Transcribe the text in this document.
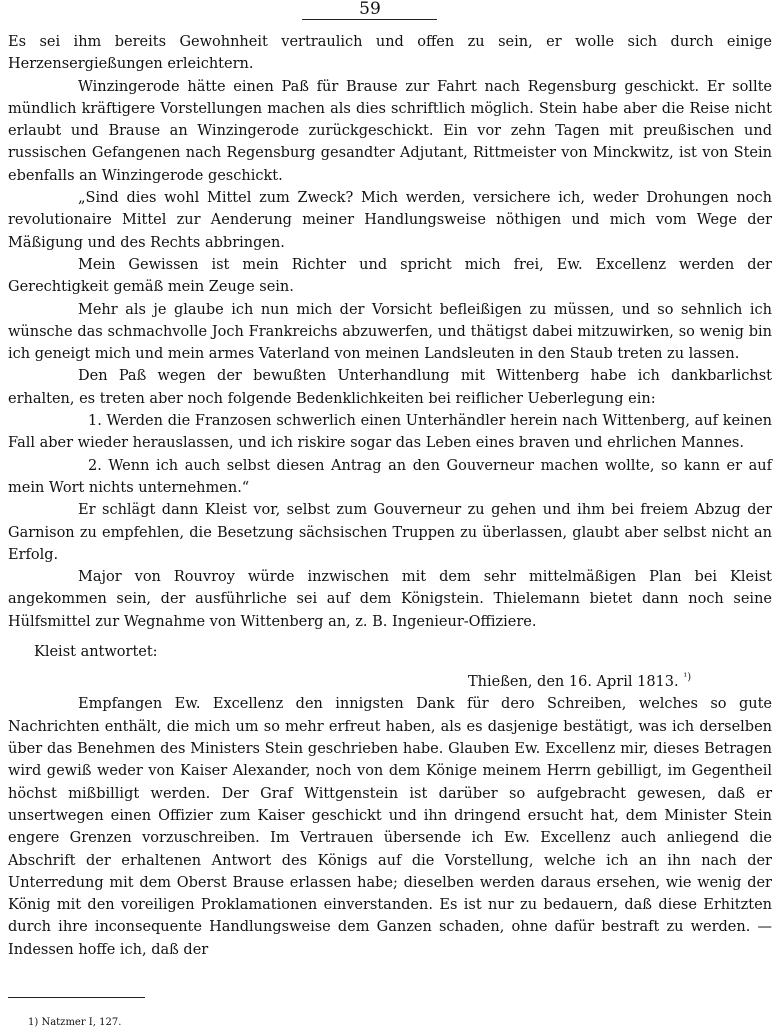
59

Es sei ihm bereits Gewohnheit vertraulich und offen zu sein, er wolle sich durch einige Herzensergießungen erleichtern.

Winzingerode hätte einen Paß für Brause zur Fahrt nach Regensburg geschickt. Er sollte mündlich kräftigere Vorstellungen machen als dies schriftlich möglich. Stein habe aber die Reise nicht erlaubt und Brause an Winzingerode zurückgeschickt. Ein vor zehn Tagen mit preußischen und russischen Gefangenen nach Regensburg gesandter Adjutant, Rittmeister von Minckwitz, ist von Stein ebenfalls an Winzingerode geschickt.

„Sind dies wohl Mittel zum Zweck? Mich werden, versichere ich, weder Drohungen noch revolutionaire Mittel zur Aenderung meiner Handlungsweise nöthigen und mich vom Wege der Mäßigung und des Rechts abbringen.

Mein Gewissen ist mein Richter und spricht mich frei, Ew. Excellenz werden der Gerechtigkeit gemäß mein Zeuge sein.

Mehr als je glaube ich nun mich der Vorsicht befleißigen zu müssen, und so sehnlich ich wünsche das schmachvolle Joch Frankreichs abzuwerfen, und thätigst dabei mitzuwirken, so wenig bin ich geneigt mich und mein armes Vaterland von meinen Landsleuten in den Staub treten zu lassen.

Den Paß wegen der bewußten Unterhandlung mit Wittenberg habe ich dankbarlichst erhalten, es treten aber noch folgende Bedenklichkeiten bei reiflicher Ueberlegung ein:

1. Werden die Franzosen schwerlich einen Unterhändler herein nach Wittenberg, auf keinen Fall aber wieder herauslassen, und ich riskire sogar das Leben eines braven und ehrlichen Mannes.

2. Wenn ich auch selbst diesen Antrag an den Gouverneur machen wollte, so kann er auf mein Wort nichts unternehmen.“

Er schlägt dann Kleist vor, selbst zum Gouverneur zu gehen und ihm bei freiem Abzug der Garnison zu empfehlen, die Besetzung sächsischen Truppen zu überlassen, glaubt aber selbst nicht an Erfolg.

Major von Rouvroy würde inzwischen mit dem sehr mittelmäßigen Plan bei Kleist angekommen sein, der ausführliche sei auf dem Königstein. Thielemann bietet dann noch seine Hülfsmittel zur Wegnahme von Wittenberg an, z. B. Ingenieur-Offiziere.

Kleist antwortet:

Thießen, den 16. April 1813. $^{^1)}$

Empfangen Ew. Excellenz den innigsten Dank für dero Schreiben, welches so gute Nachrichten enthält, die mich um so mehr erfreut haben, als es dasjenige bestätigt, was ich derselben über das Benehmen des Ministers Stein geschrieben habe. Glauben Ew. Excellenz mir, dieses Betragen wird gewiß weder von Kaiser Alexander, noch von dem Könige meinem Herrn gebilligt, im Gegentheil höchst mißbilligt werden. Der Graf Wittgenstein ist darüber so aufgebracht gewesen, daß er unsertwegen einen Offizier zum Kaiser geschickt und ihn dringend ersucht hat, dem Minister Stein engere Grenzen vorzuschreiben. Im Vertrauen übersende ich Ew. Excellenz auch anliegend die Abschrift der erhaltenen Antwort des Königs auf die Vorstellung, welche ich an ihn nach der Unterredung mit dem Oberst Brause erlassen habe; dieselben werden daraus ersehen, wie wenig der König mit den voreiligen Proklamationen einverstanden. Es ist nur zu bedauern, daß diese Erhitzten durch ihre inconsequente Handlungsweise dem Ganzen schaden, ohne dafür bestraft zu werden. — Indessen hoffe ich, daß der

1) Natzmer I, 127.
